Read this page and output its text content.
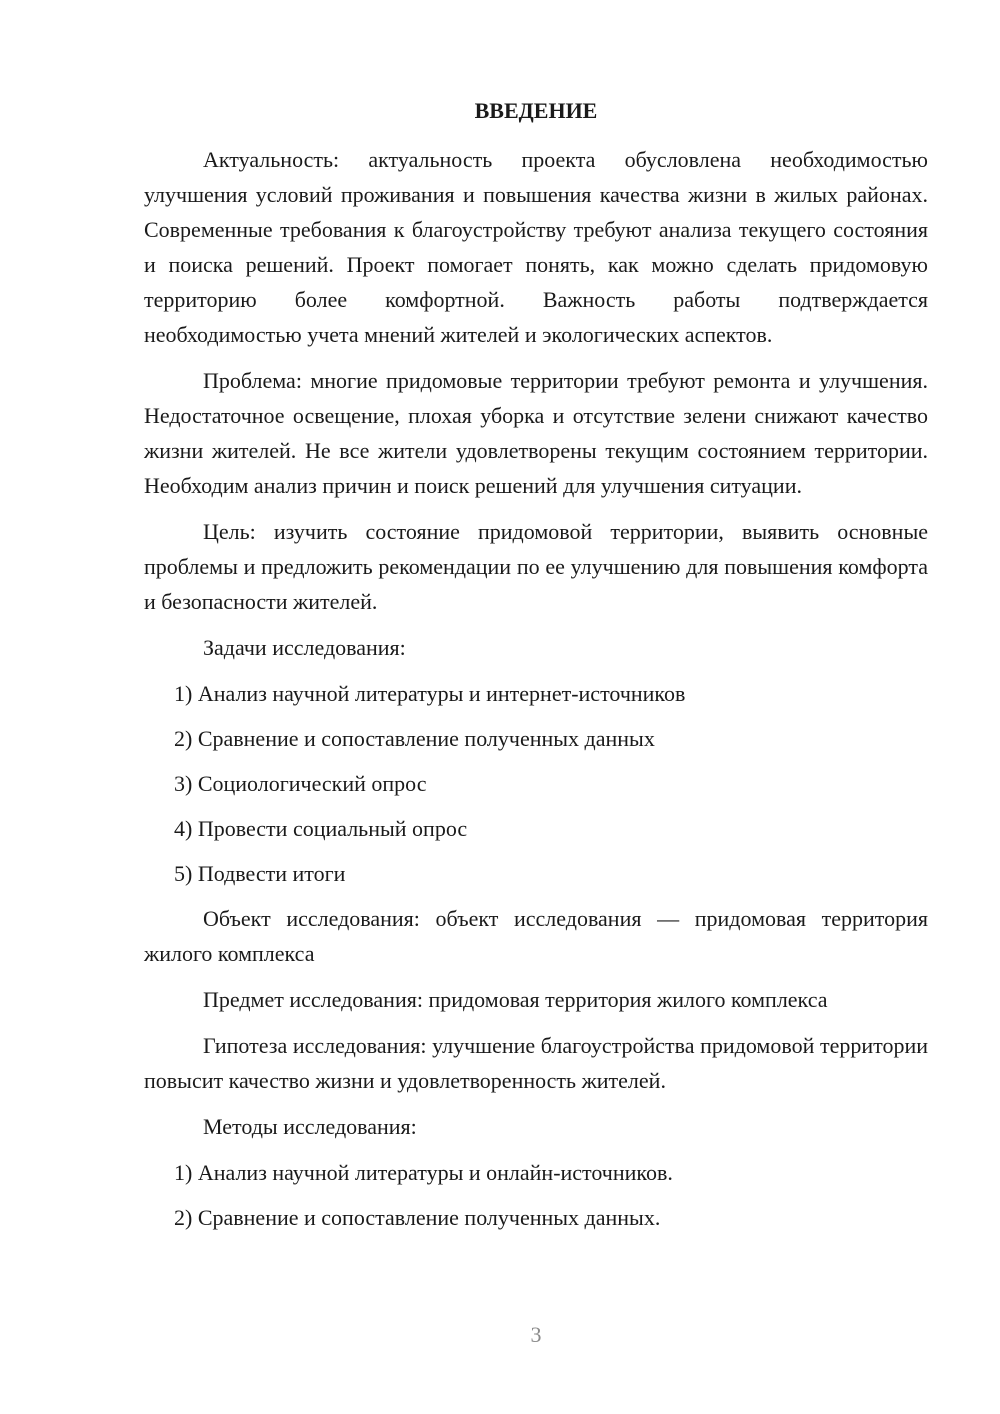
ВВЕДЕНИЕ

Актуальность: актуальность проекта обусловлена необходимостью улучшения условий проживания и повышения качества жизни в жилых районах. Современные требования к благоустройству требуют анализа текущего состояния и поиска решений. Проект помогает понять, как можно сделать придомовую территорию более комфортной. Важность работы подтверждается необходимостью учета мнений жителей и экологических аспектов.

Проблема: многие придомовые территории требуют ремонта и улучшения. Недостаточное освещение, плохая уборка и отсутствие зелени снижают качество жизни жителей. Не все жители удовлетворены текущим состоянием территории. Необходим анализ причин и поиск решений для улучшения ситуации.

Цель: изучить состояние придомовой территории, выявить основные проблемы и предложить рекомендации по ее улучшению для повышения комфорта и безопасности жителей.

Задачи исследования:

1) Анализ научной литературы и интернет-источников

2) Сравнение и сопоставление полученных данных

3) Социологический опрос

4) Провести социальный опрос

5) Подвести итоги

Объект исследования: объект исследования — придомовая территория жилого комплекса

Предмет исследования: придомовая территория жилого комплекса

Гипотеза исследования: улучшение благоустройства придомовой территории повысит качество жизни и удовлетворенность жителей.

Методы исследования:

1) Анализ научной литературы и онлайн-источников.

2) Сравнение и сопоставление полученных данных.

3
